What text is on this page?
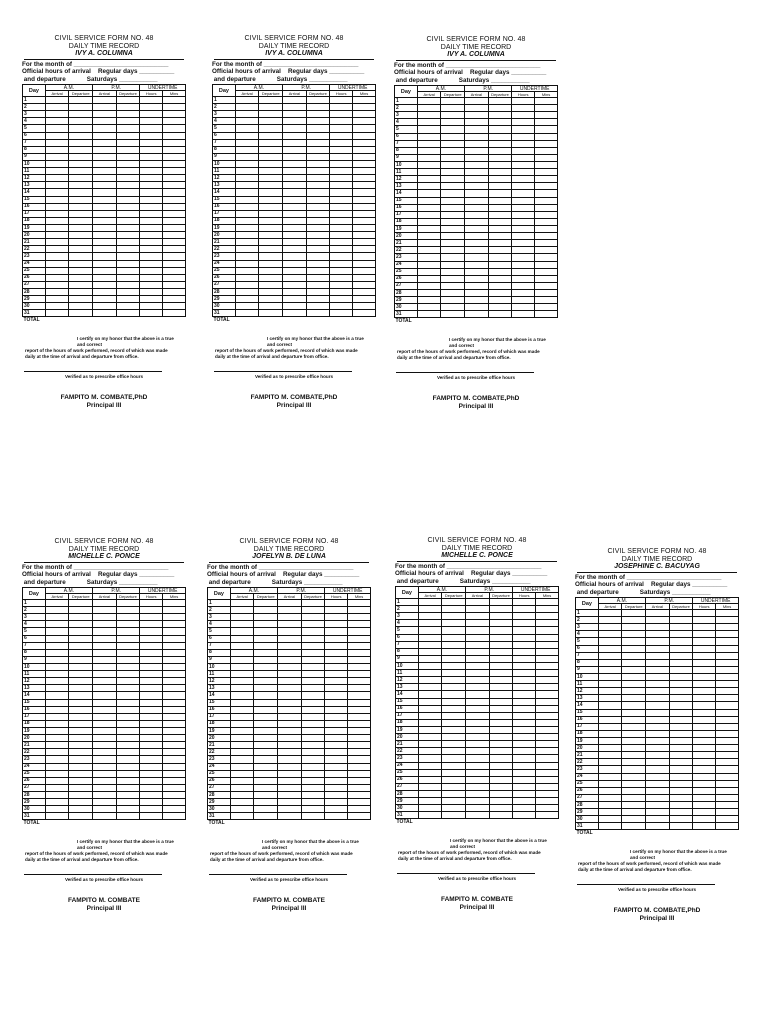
CIVIL SERVICE FORM NO. 48
DAILY TIME RECORD
IVY A. COLUMNA
For the month of ___________________________
Official hours of arrival Regular days __________
and departure	Saturdays ___________
Day	A.M.		P.M.		UNDERTIME	
	Arrival	Departure	Arrival	Departure	Hours	Mins
1						
2						
3						
4						
5						
6						
7						
8						
9						
10						
11						
12						
13						
14						
15						
16						
17						
18						
19						
20						
21						
22						
23						
24						
25						
26						
27						
28						
29						
30						
31						
TOTAL						
I certify on my honor that the above is a true and correct
report of the hours of work performed, record of which was made
daily at the time of arrival and departure from office.
Verified as to prescribe office hours
FAMPITO M. COMBATE,PhD
Principal III
CIVIL SERVICE FORM NO. 48
DAILY TIME RECORD
IVY A. COLUMNA
For the month of ___________________________
Official hours of arrival Regular days __________
and departure	Saturdays ___________
Day	A.M.		P.M.		UNDERTIME	
	Arrival	Departure	Arrival	Departure	Hours	Mins
1						
2						
3						
4						
5						
6						
7						
8						
9						
10						
11						
12						
13						
14						
15						
16						
17						
18						
19						
20						
21						
22						
23						
24						
25						
26						
27						
28						
29						
30						
31						
TOTAL						
I certify on my honor that the above is a true and correct
report of the hours of work performed, record of which was made
daily at the time of arrival and departure from office.
Verified as to prescribe office hours
FAMPITO M. COMBATE,PhD
Principal III
CIVIL SERVICE FORM NO. 48
DAILY TIME RECORD
IVY A. COLUMNA
For the month of ___________________________
Official hours of arrival Regular days __________
and departure	Saturdays ___________
Day	A.M.		P.M.		UNDERTIME	
	Arrival	Departure	Arrival	Departure	Hours	Mins
1						
2						
3						
4						
5						
6						
7						
8						
9						
10						
11						
12						
13						
14						
15						
16						
17						
18						
19						
20						
21						
22						
23						
24						
25						
26						
27						
28						
29						
30						
31						
TOTAL						
I certify on my honor that the above is a true and correct
report of the hours of work performed, record of which was made
daily at the time of arrival and departure from office.
Verified as to prescribe office hours
FAMPITO M. COMBATE,PhD
Principal III
CIVIL SERVICE FORM NO. 48
DAILY TIME RECORD
MICHELLE C. PONCE
For the month of ___________________________
Official hours of arrival Regular days __________
and departure	Saturdays ___________
Day	A.M.		P.M.		UNDERTIME	
	Arrival	Departure	Arrival	Departure	Hours	Mins
1						
2						
3						
4						
5						
6						
7						
8						
9						
10						
11						
12						
13						
14						
15						
16						
17						
18						
19						
20						
21						
22						
23						
24						
25						
26						
27						
28						
29						
30						
31						
TOTAL						
I certify on my honor that the above is a true and correct
report of the hours of work performed, record of which was made
daily at the time of arrival and departure from office.
Verified as to prescribe office hours
FAMPITO M. COMBATE
Principal III
CIVIL SERVICE FORM NO. 48
DAILY TIME RECORD
JOFELYN B. DE LUNA
For the month of ___________________________
Official hours of arrival Regular days __________
and departure	Saturdays ___________
Day	A.M.		P.M.		UNDERTIME	
	Arrival	Departure	Arrival	Departure	Hours	Mins
1						
2						
3						
4						
5						
6						
7						
8						
9						
10						
11						
12						
13						
14						
15						
16						
17						
18						
19						
20						
21						
22						
23						
24						
25						
26						
27						
28						
29						
30						
31						
TOTAL						
I certify on my honor that the above is a true and correct
report of the hours of work performed, record of which was made
daily at the time of arrival and departure from office.
Verified as to prescribe office hours
FAMPITO M. COMBATE
Principal III
CIVIL SERVICE FORM NO. 48
DAILY TIME RECORD
MICHELLE C. PONCE
For the month of ___________________________
Official hours of arrival Regular days __________
and departure	Saturdays ___________
Day	A.M.		P.M.		UNDERTIME	
	Arrival	Departure	Arrival	Departure	Hours	Mins
1						
2						
3						
4						
5						
6						
7						
8						
9						
10						
11						
12						
13						
14						
15						
16						
17						
18						
19						
20						
21						
22						
23						
24						
25						
26						
27						
28						
29						
30						
31						
TOTAL						
I certify on my honor that the above is a true and correct
report of the hours of work performed, record of which was made
daily at the time of arrival and departure from office.
Verified as to prescribe office hours
FAMPITO M. COMBATE
Principal III
CIVIL SERVICE FORM NO. 48
DAILY TIME RECORD
JOSEPHINE C. BACUYAG
For the month of ___________________________
Official hours of arrival Regular days __________
and departure	Saturdays ___________
Day	A.M.		P.M.		UNDERTIME	
	Arrival	Departure	Arrival	Departure	Hours	Mins
1						
2						
3						
4						
5						
6						
7						
8						
9						
10						
11						
12						
13						
14						
15						
16						
17						
18						
19						
20						
21						
22						
23						
24						
25						
26						
27						
28						
29						
30						
31						
TOTAL						
I certify on my honor that the above is a true and correct
report of the hours of work performed, record of which was made
daily at the time of arrival and departure from office.
Verified as to prescribe office hours
FAMPITO M. COMBATE,PhD
Principal III
